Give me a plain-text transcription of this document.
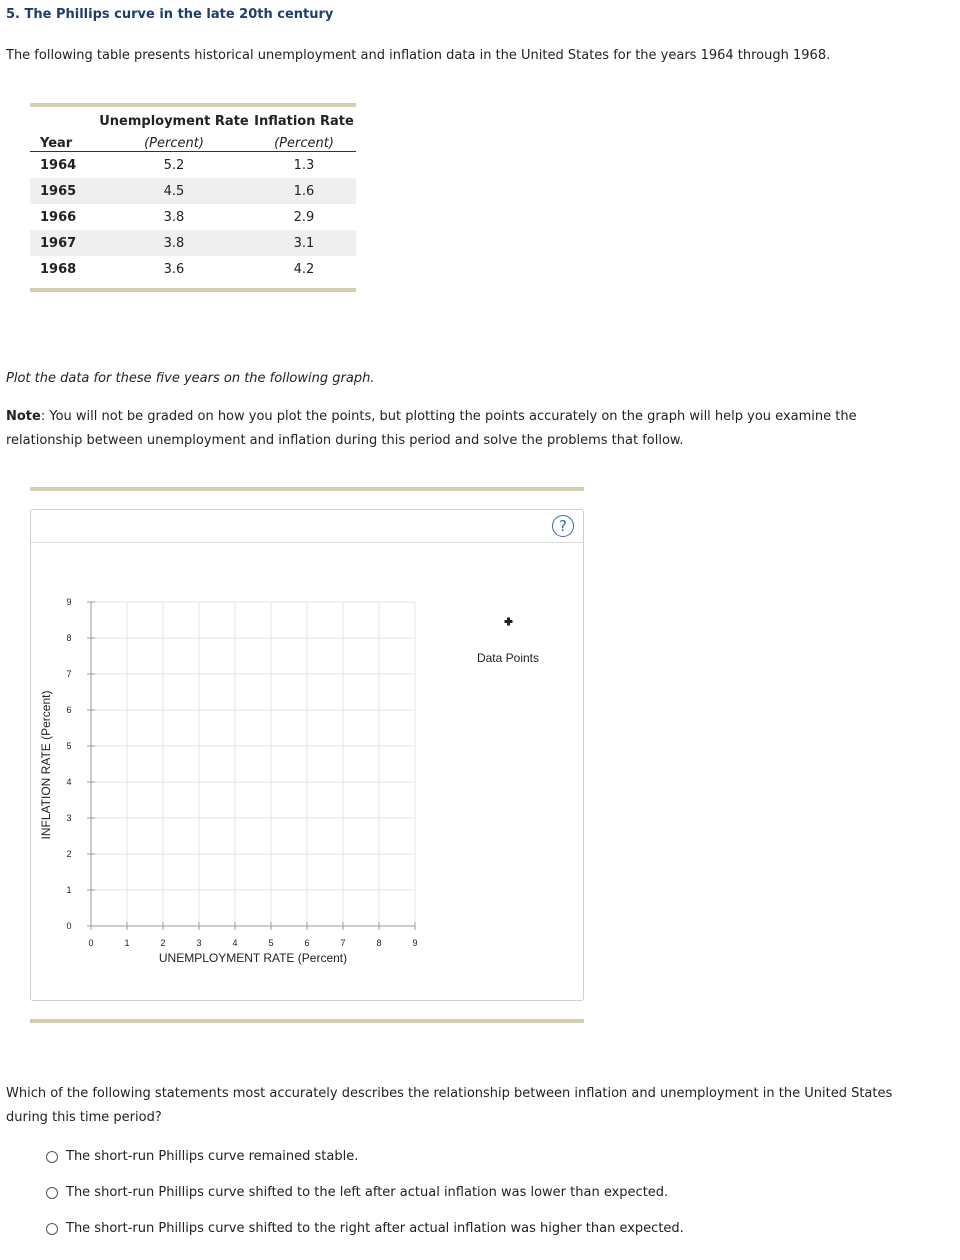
5. The Phillips curve in the late 20th century
The following table presents historical unemployment and inflation data in the United States for the years 1964 through 1968.
	Unemployment Rate	Inflation Rate
Year	(Percent)	(Percent)
1964	5.2	1.3
1965	4.5	1.6
1966	3.8	2.9
1967	3.8	3.1
1968	3.6	4.2
Plot the data for these five years on the following graph.
Note: You will not be graded on how you plot the points, but plotting the points accurately on the graph will help you examine the relationship between unemployment and inflation during this period and solve the problems that follow.
?
0	1	2	3	4	5	6	7	8	9
0
1
2
3
4
5
6
7
8
9
INFLATION RATE (Percent)
UNEMPLOYMENT RATE (Percent)
Data Points
Which of the following statements most accurately describes the relationship between inflation and unemployment in the United States during this time period?
The short-run Phillips curve remained stable.
The short-run Phillips curve shifted to the left after actual inflation was lower than expected.
The short-run Phillips curve shifted to the right after actual inflation was higher than expected.
